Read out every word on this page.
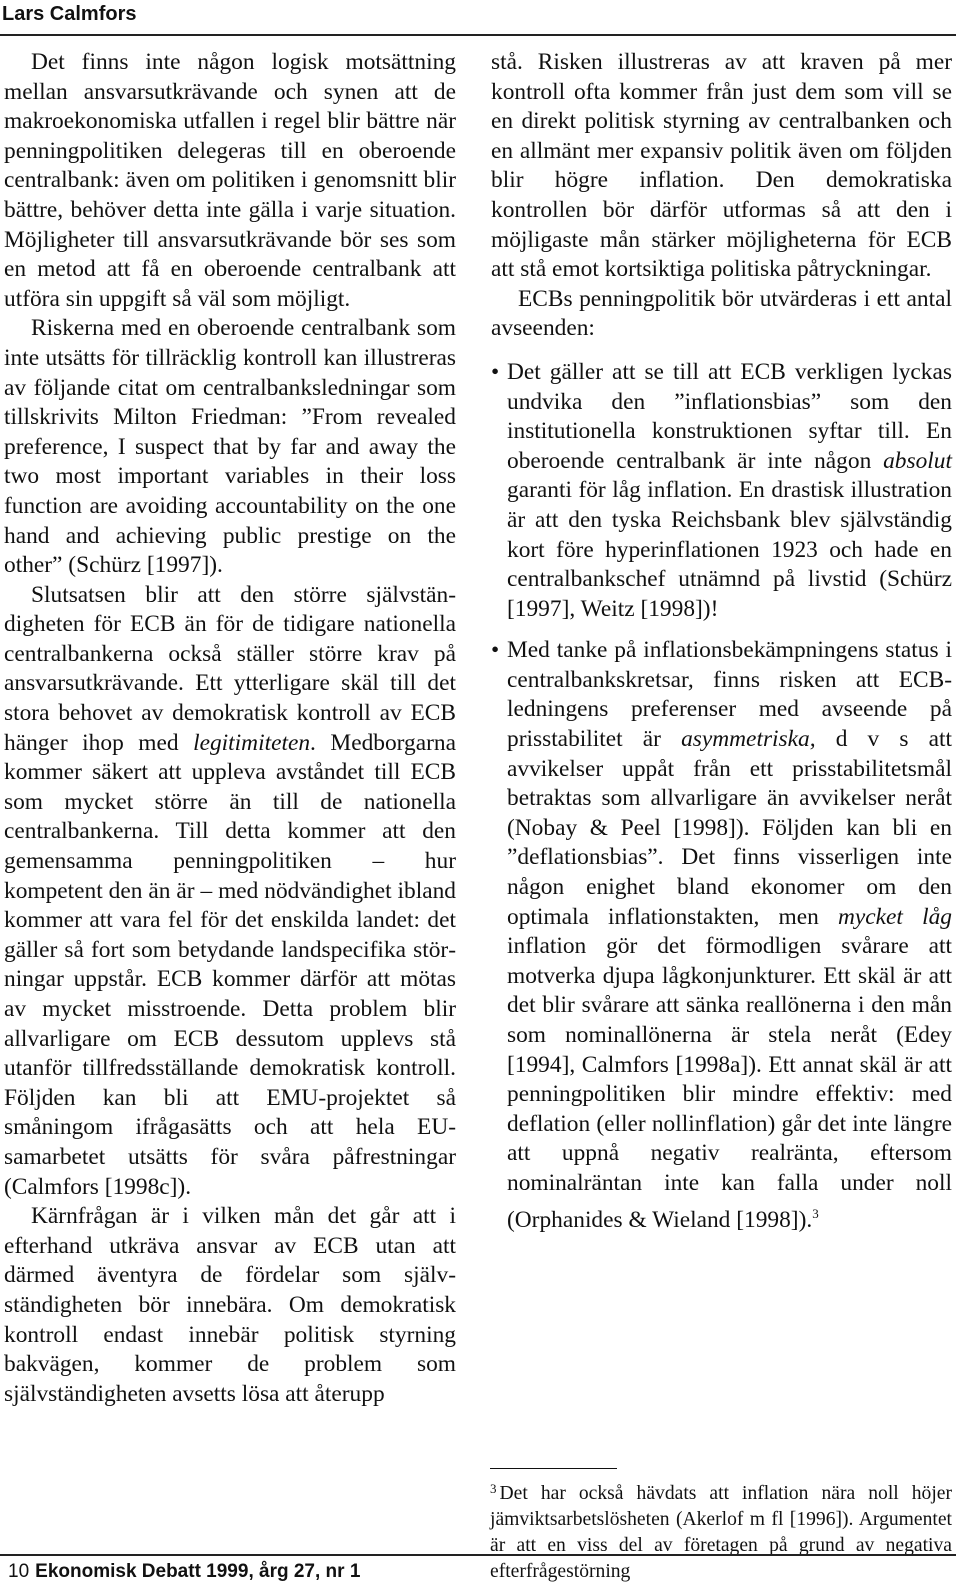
Lars Calmfors

Det finns inte någon logisk motsättning mellan ansvarsutkrävande och synen att de makroekonomiska utfallen i regel blir bättre när penningpolitiken delegeras till en oberoende centralbank: även om politiken i genomsnitt blir bättre, behöver detta inte gälla i varje situation. Möjligheter till ansvarsutkrävande bör ses som en metod att få en oberoende centralbank att utföra sin uppgift så väl som möjligt.

Riskerna med en oberoende centralbank som inte utsätts för tillräcklig kontroll kan illustreras av följande citat om centralbanksledningar som tillskrivits Milton Friedman: ”From revealed preference, I suspect that by far and away the two most important variables in their loss function are avoiding accountability on the one hand and achieving public prestige on the other” (Schürz [1997]).

Slutsatsen blir att den större självständigheten för ECB än för de tidigare nationella centralbankerna också ställer större krav på ansvarsutkrävande. Ett ytterligare skäl till det stora behovet av demokratisk kontroll av ECB hänger ihop med legitimiteten. Medborgarna kommer säkert att uppleva avståndet till ECB som mycket större än till de nationella centralbankerna. Till detta kommer att den gemensamma penningpolitiken – hur kompetent den än är – med nödvändighet ibland kommer att vara fel för det enskilda landet: det gäller så fort som betydande landspecifika störningar uppstår. ECB kommer därför att mötas av mycket misstroende. Detta problem blir allvarligare om ECB dessutom upplevs stå utanför tillfredsställande demokratisk kontroll. Följden kan bli att EMU-projektet så småningom ifrågasätts och att hela EU-samarbetet utsätts för svåra påfrestningar (Calmfors [1998c]).

Kärnfrågan är i vilken mån det går att i efterhand utkräva ansvar av ECB utan att därmed äventyra de fördelar som självständigheten bör innebära. Om demokratisk kontroll endast innebär politisk styrning bakvägen, kommer de problem som självständigheten avsetts lösa att återupp

stå. Risken illustreras av att kraven på mer kontroll ofta kommer från just dem som vill se en direkt politisk styrning av centralbanken och en allmänt mer expansiv politik även om följden blir högre inflation. Den demokratiska kontrollen bör därför utformas så att den i möjligaste mån stärker möjligheterna för ECB att stå emot kortsiktiga politiska påtryckningar.

ECBs penningpolitik bör utvärderas i ett antal avseenden:

• Det gäller att se till att ECB verkligen lyckas undvika den ”inflationsbias” som den institutionella konstruktionen syftar till. En oberoende centralbank är inte någon absolut garanti för låg inflation. En drastisk illustration är att den tyska Reichsbank blev självständig kort före hyperinflationen 1923 och hade en centralbankschef utnämnd på livstid (Schürz [1997], Weitz [1998])!
• Med tanke på inflationsbekämpningens status i centralbankskretsar, finns risken att ECB-ledningens preferenser med avseende på prisstabilitet är asymmetriska, d v s att avvikelser uppåt från ett prisstabilitetsmål betraktas som allvarligare än avvikelser neråt (Nobay & Peel [1998]). Följden kan bli en ”deflationsbias”. Det finns visserligen inte någon enighet bland ekonomer om den optimala inflationstakten, men mycket låg inflation gör det förmodligen svårare att motverka djupa lågkonjunkturer. Ett skäl är att det blir svårare att sänka reallönerna i den mån som nominallönerna är stela neråt (Edey [1994], Calmfors [1998a]). Ett annat skäl är att penningpolitiken blir mindre effektiv: med deflation (eller nollinflation) går det inte längre att uppnå negativ realränta, eftersom nominalräntan inte kan falla under noll (Orphanides & Wieland [1998]).$^3$
$^3$ Det har också hävdats att inflation nära noll höjer jämviktsarbetslösheten (Akerlof m fl [1996]). Argumentet är att en viss del av företagen på grund av negativa efterfrågestörning
10 Ekonomisk Debatt 1999, årg 27, nr 1
